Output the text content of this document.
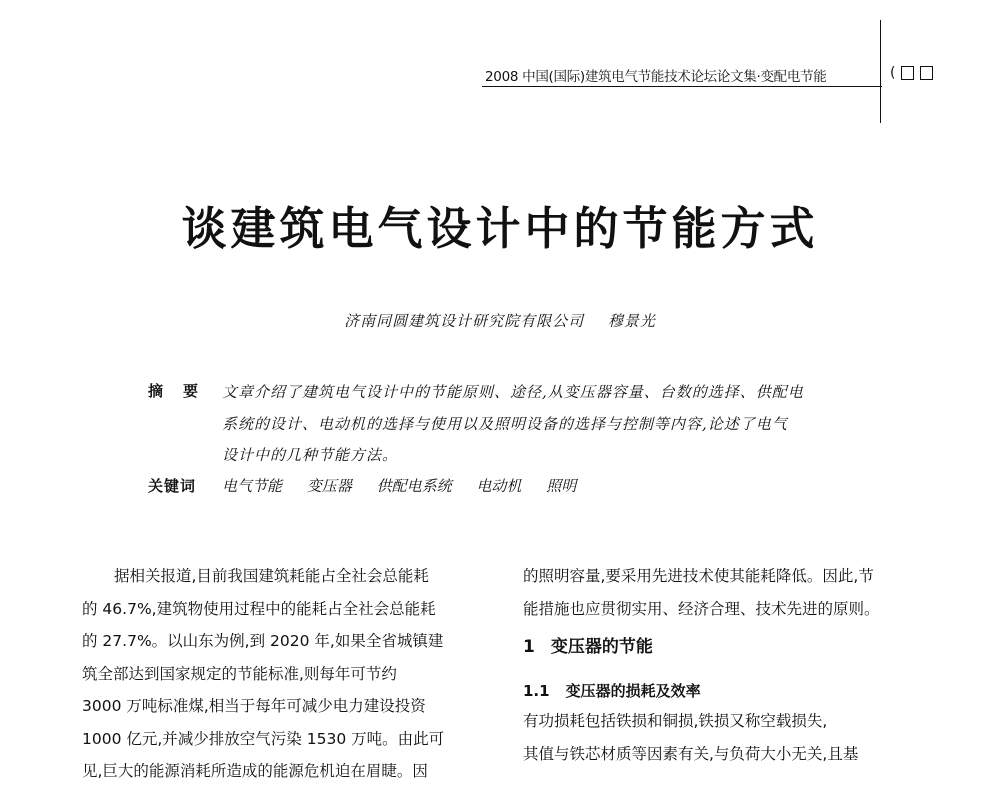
2008 中国(国际)建筑电气节能技术论坛论文集·变配电节能	(
谈建筑电气设计中的节能方式
济南同圆建筑设计研究院有限公司 穆景光
摘要 文章介绍了建筑电气设计中的节能原则、途径,从变压器容量、台数的选择、供配电
系统的设计、电动机的选择与使用以及照明设备的选择与控制等内容,论述了电气
设计中的几种节能方法。
关键词 电气节能 变压器 供配电系统 电动机 照明
据相关报道,目前我国建筑耗能占全社会总能耗
的 46.7%,建筑物使用过程中的能耗占全社会总能耗
的 27.7%。以山东为例,到 2020 年,如果全省城镇建
筑全部达到国家规定的节能标准,则每年可节约
3000 万吨标准煤,相当于每年可减少电力建设投资
1000 亿元,并减少排放空气污染 1530 万吨。由此可
见,巨大的能源消耗所造成的能源危机迫在眉睫。因
的照明容量,要采用先进技术使其能耗降低。因此,节
能措施也应贯彻实用、经济合理、技术先进的原则。
1 变压器的节能
1.1 变压器的损耗及效率
有功损耗包括铁损和铜损,铁损又称空载损失,
其值与铁芯材质等因素有关,与负荷大小无关,且基
